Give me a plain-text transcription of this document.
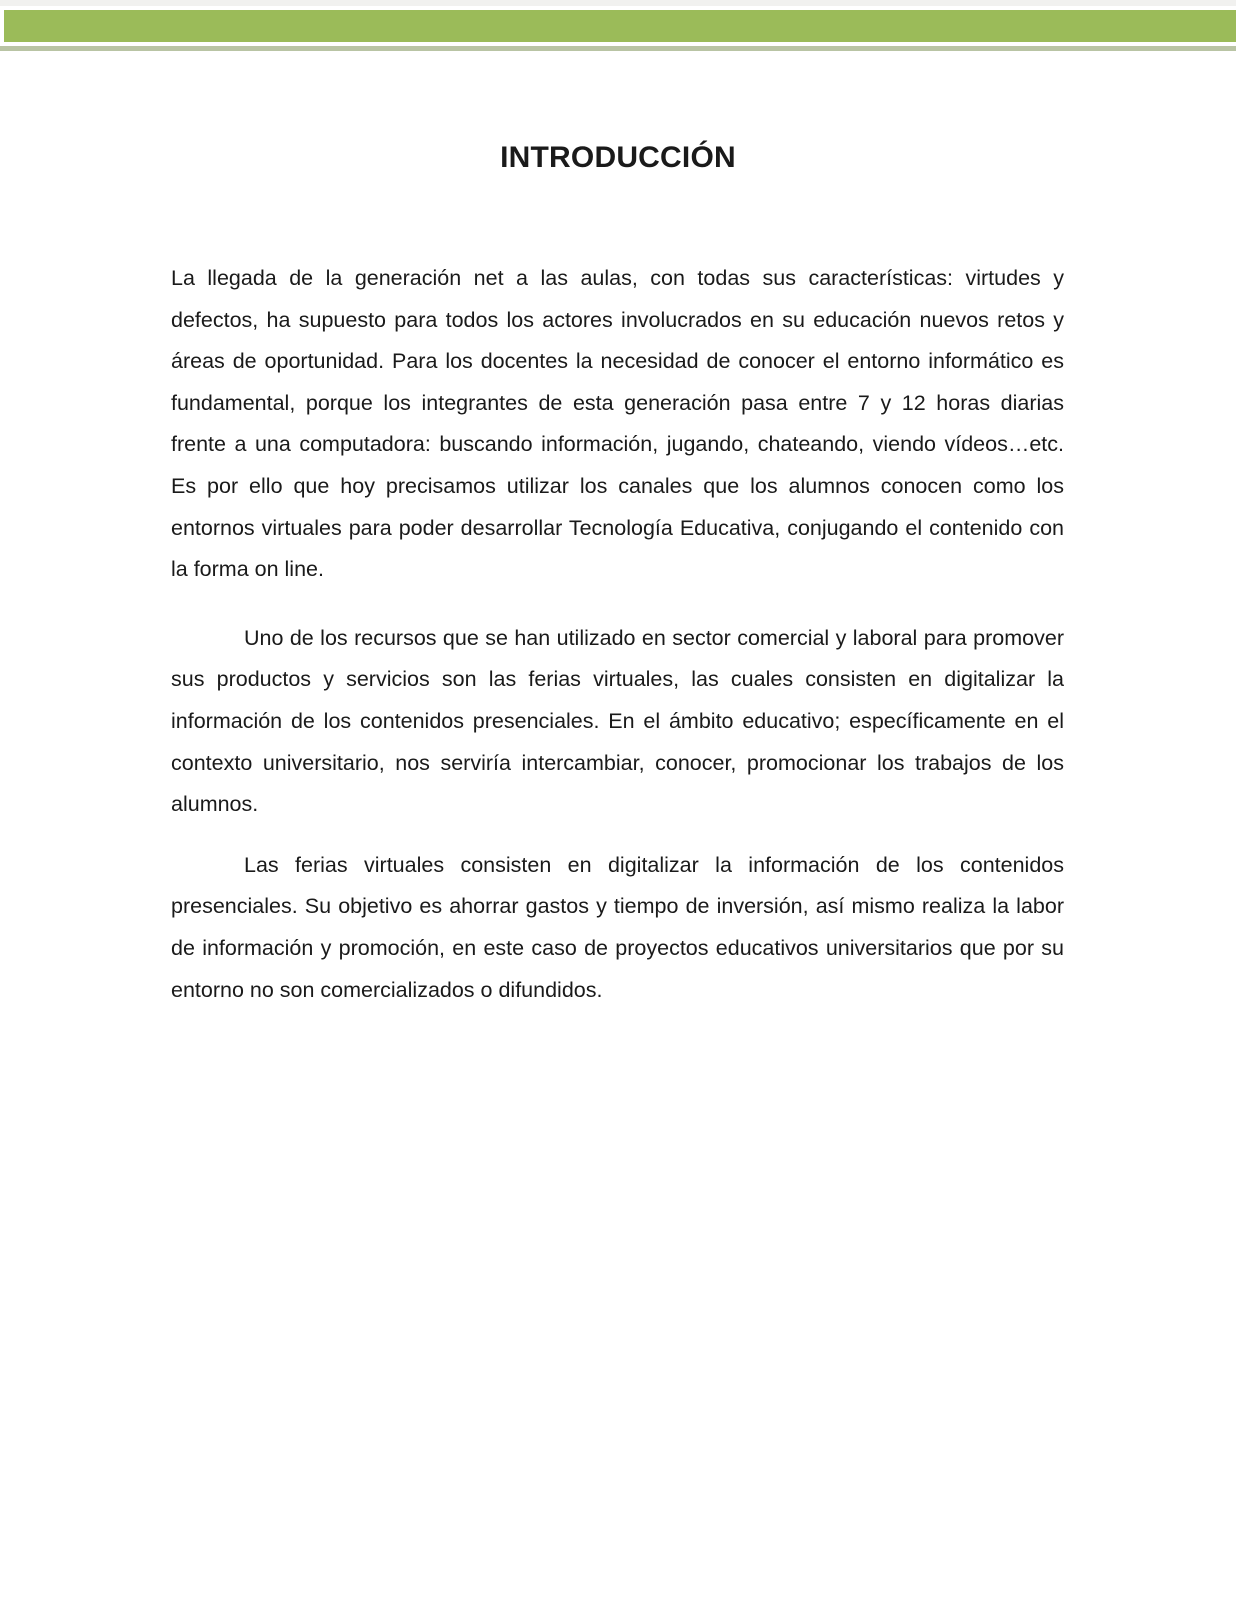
INTRODUCCIÓN

La llegada de la generación net a las aulas, con todas sus características: virtudes y defectos, ha supuesto para todos los actores involucrados en su educación nuevos retos y áreas de oportunidad. Para los docentes la necesidad de conocer el entorno informático es fundamental, porque los integrantes de esta generación pasa entre 7 y 12 horas diarias frente a una computadora: buscando información, jugando, chateando, viendo vídeos…etc. Es por ello que hoy precisamos utilizar los canales que los alumnos conocen como los entornos virtuales para poder desarrollar Tecnología Educativa, conjugando el contenido con la forma on line.

Uno de los recursos que se han utilizado en sector comercial y laboral para promover sus productos y servicios son las ferias virtuales, las cuales consisten en digitalizar la información de los contenidos presenciales. En el ámbito educativo; específicamente en el contexto universitario, nos serviría intercambiar, conocer, promocionar los trabajos de los alumnos.

Las ferias virtuales consisten en digitalizar la información de los contenidos presenciales. Su objetivo es ahorrar gastos y tiempo de inversión, así mismo realiza la labor de información y promoción, en este caso de proyectos educativos universitarios que por su entorno no son comercializados o difundidos.
